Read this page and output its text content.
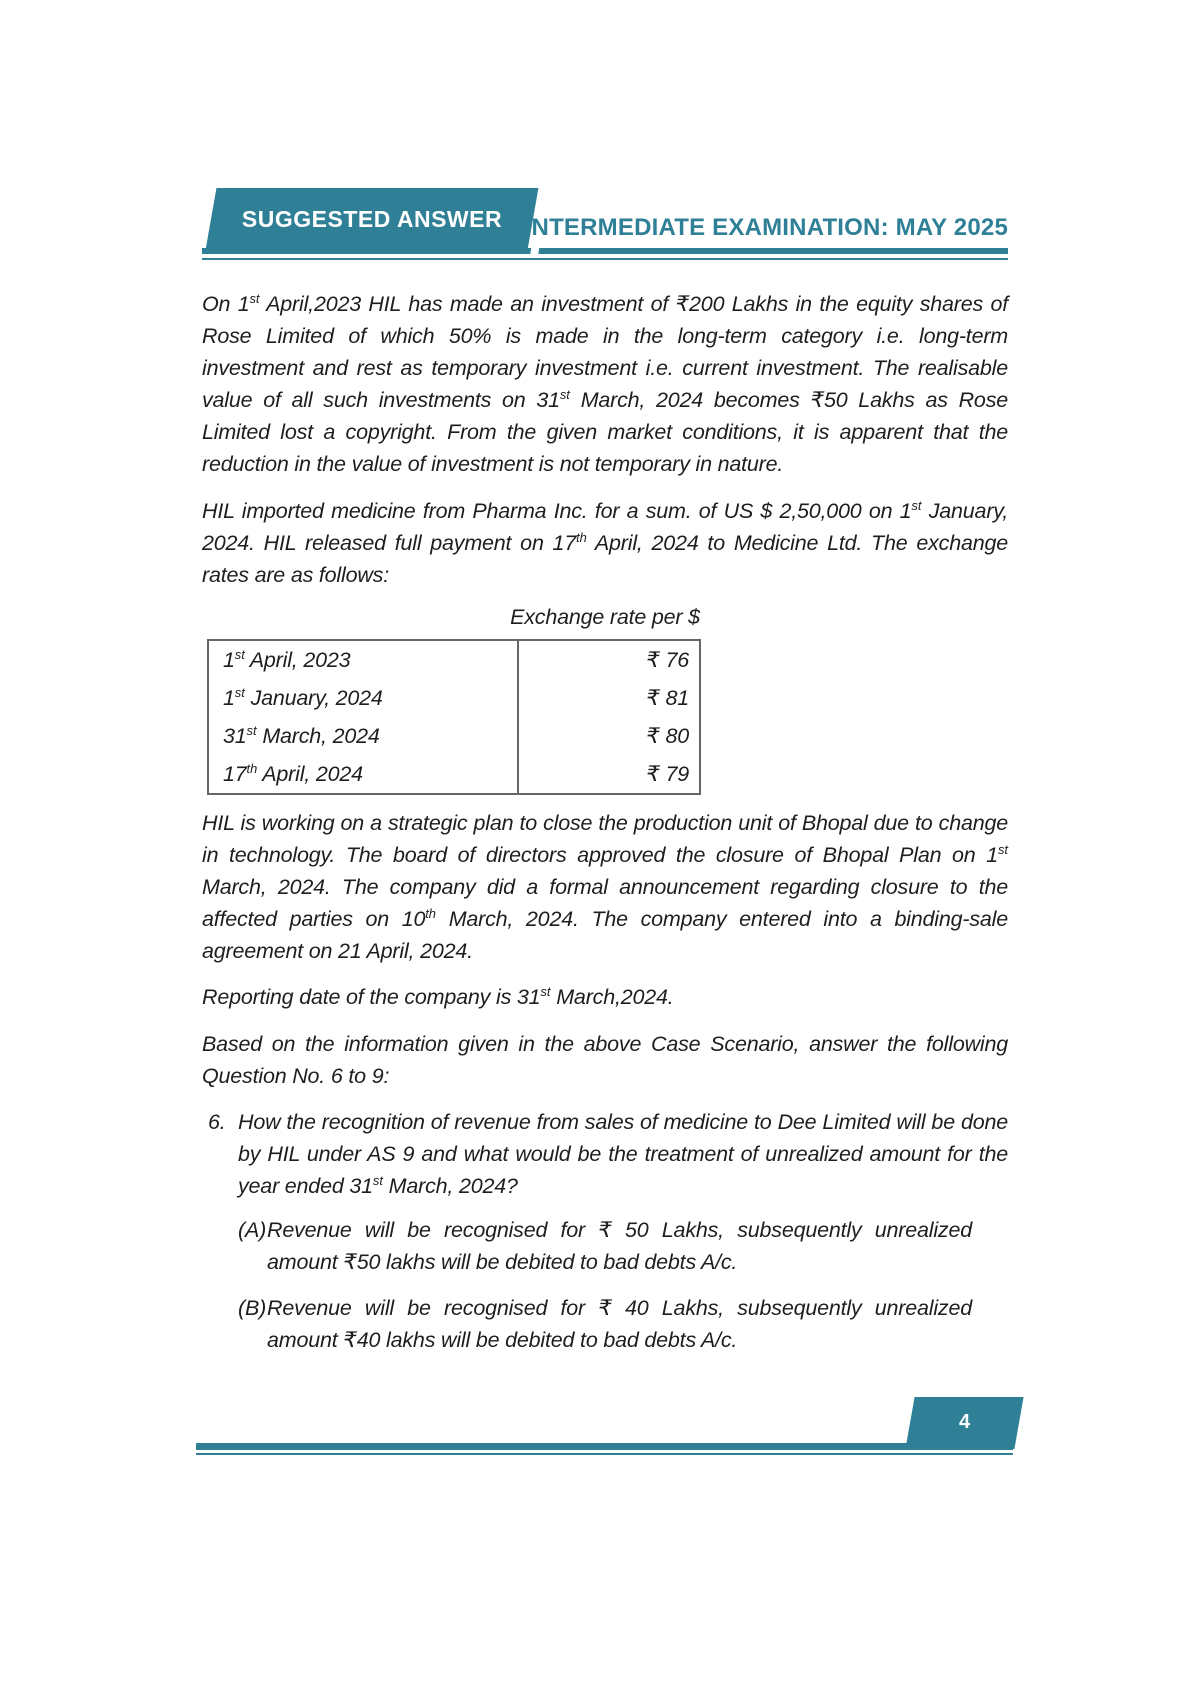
SUGGESTED ANSWER INTERMEDIATE EXAMINATION: MAY 2025

On 1st April,2023 HIL has made an investment of ₹200 Lakhs in the equity shares of Rose Limited of which 50% is made in the long-term category i.e. long-term investment and rest as temporary investment i.e. current investment. The realisable value of all such investments on 31st March, 2024 becomes ₹50 Lakhs as Rose Limited lost a copyright. From the given market conditions, it is apparent that the reduction in the value of investment is not temporary in nature.

HIL imported medicine from Pharma Inc. for a sum. of US $ 2,50,000 on 1st January, 2024. HIL released full payment on 17th April, 2024 to Medicine Ltd. The exchange rates are as follows:

Exchange rate per $

1st April, 2023	₹ 76
1st January, 2024	₹ 81
31st March, 2024	₹ 80
17th April, 2024	₹ 79

HIL is working on a strategic plan to close the production unit of Bhopal due to change in technology. The board of directors approved the closure of Bhopal Plan on 1st March, 2024. The company did a formal announcement regarding closure to the affected parties on 10th March, 2024. The company entered into a binding-sale agreement on 21 April, 2024.

Reporting date of the company is 31st March,2024.

Based on the information given in the above Case Scenario, answer the following Question No. 6 to 9:

6. How the recognition of revenue from sales of medicine to Dee Limited will be done by HIL under AS 9 and what would be the treatment of unrealized amount for the year ended 31st March, 2024?
(A) Revenue will be recognised for ₹ 50 Lakhs, subsequently unrealized amount ₹50 lakhs will be debited to bad debts A/c.
(B) Revenue will be recognised for ₹ 40 Lakhs, subsequently unrealized amount ₹40 lakhs will be debited to bad debts A/c.
4
